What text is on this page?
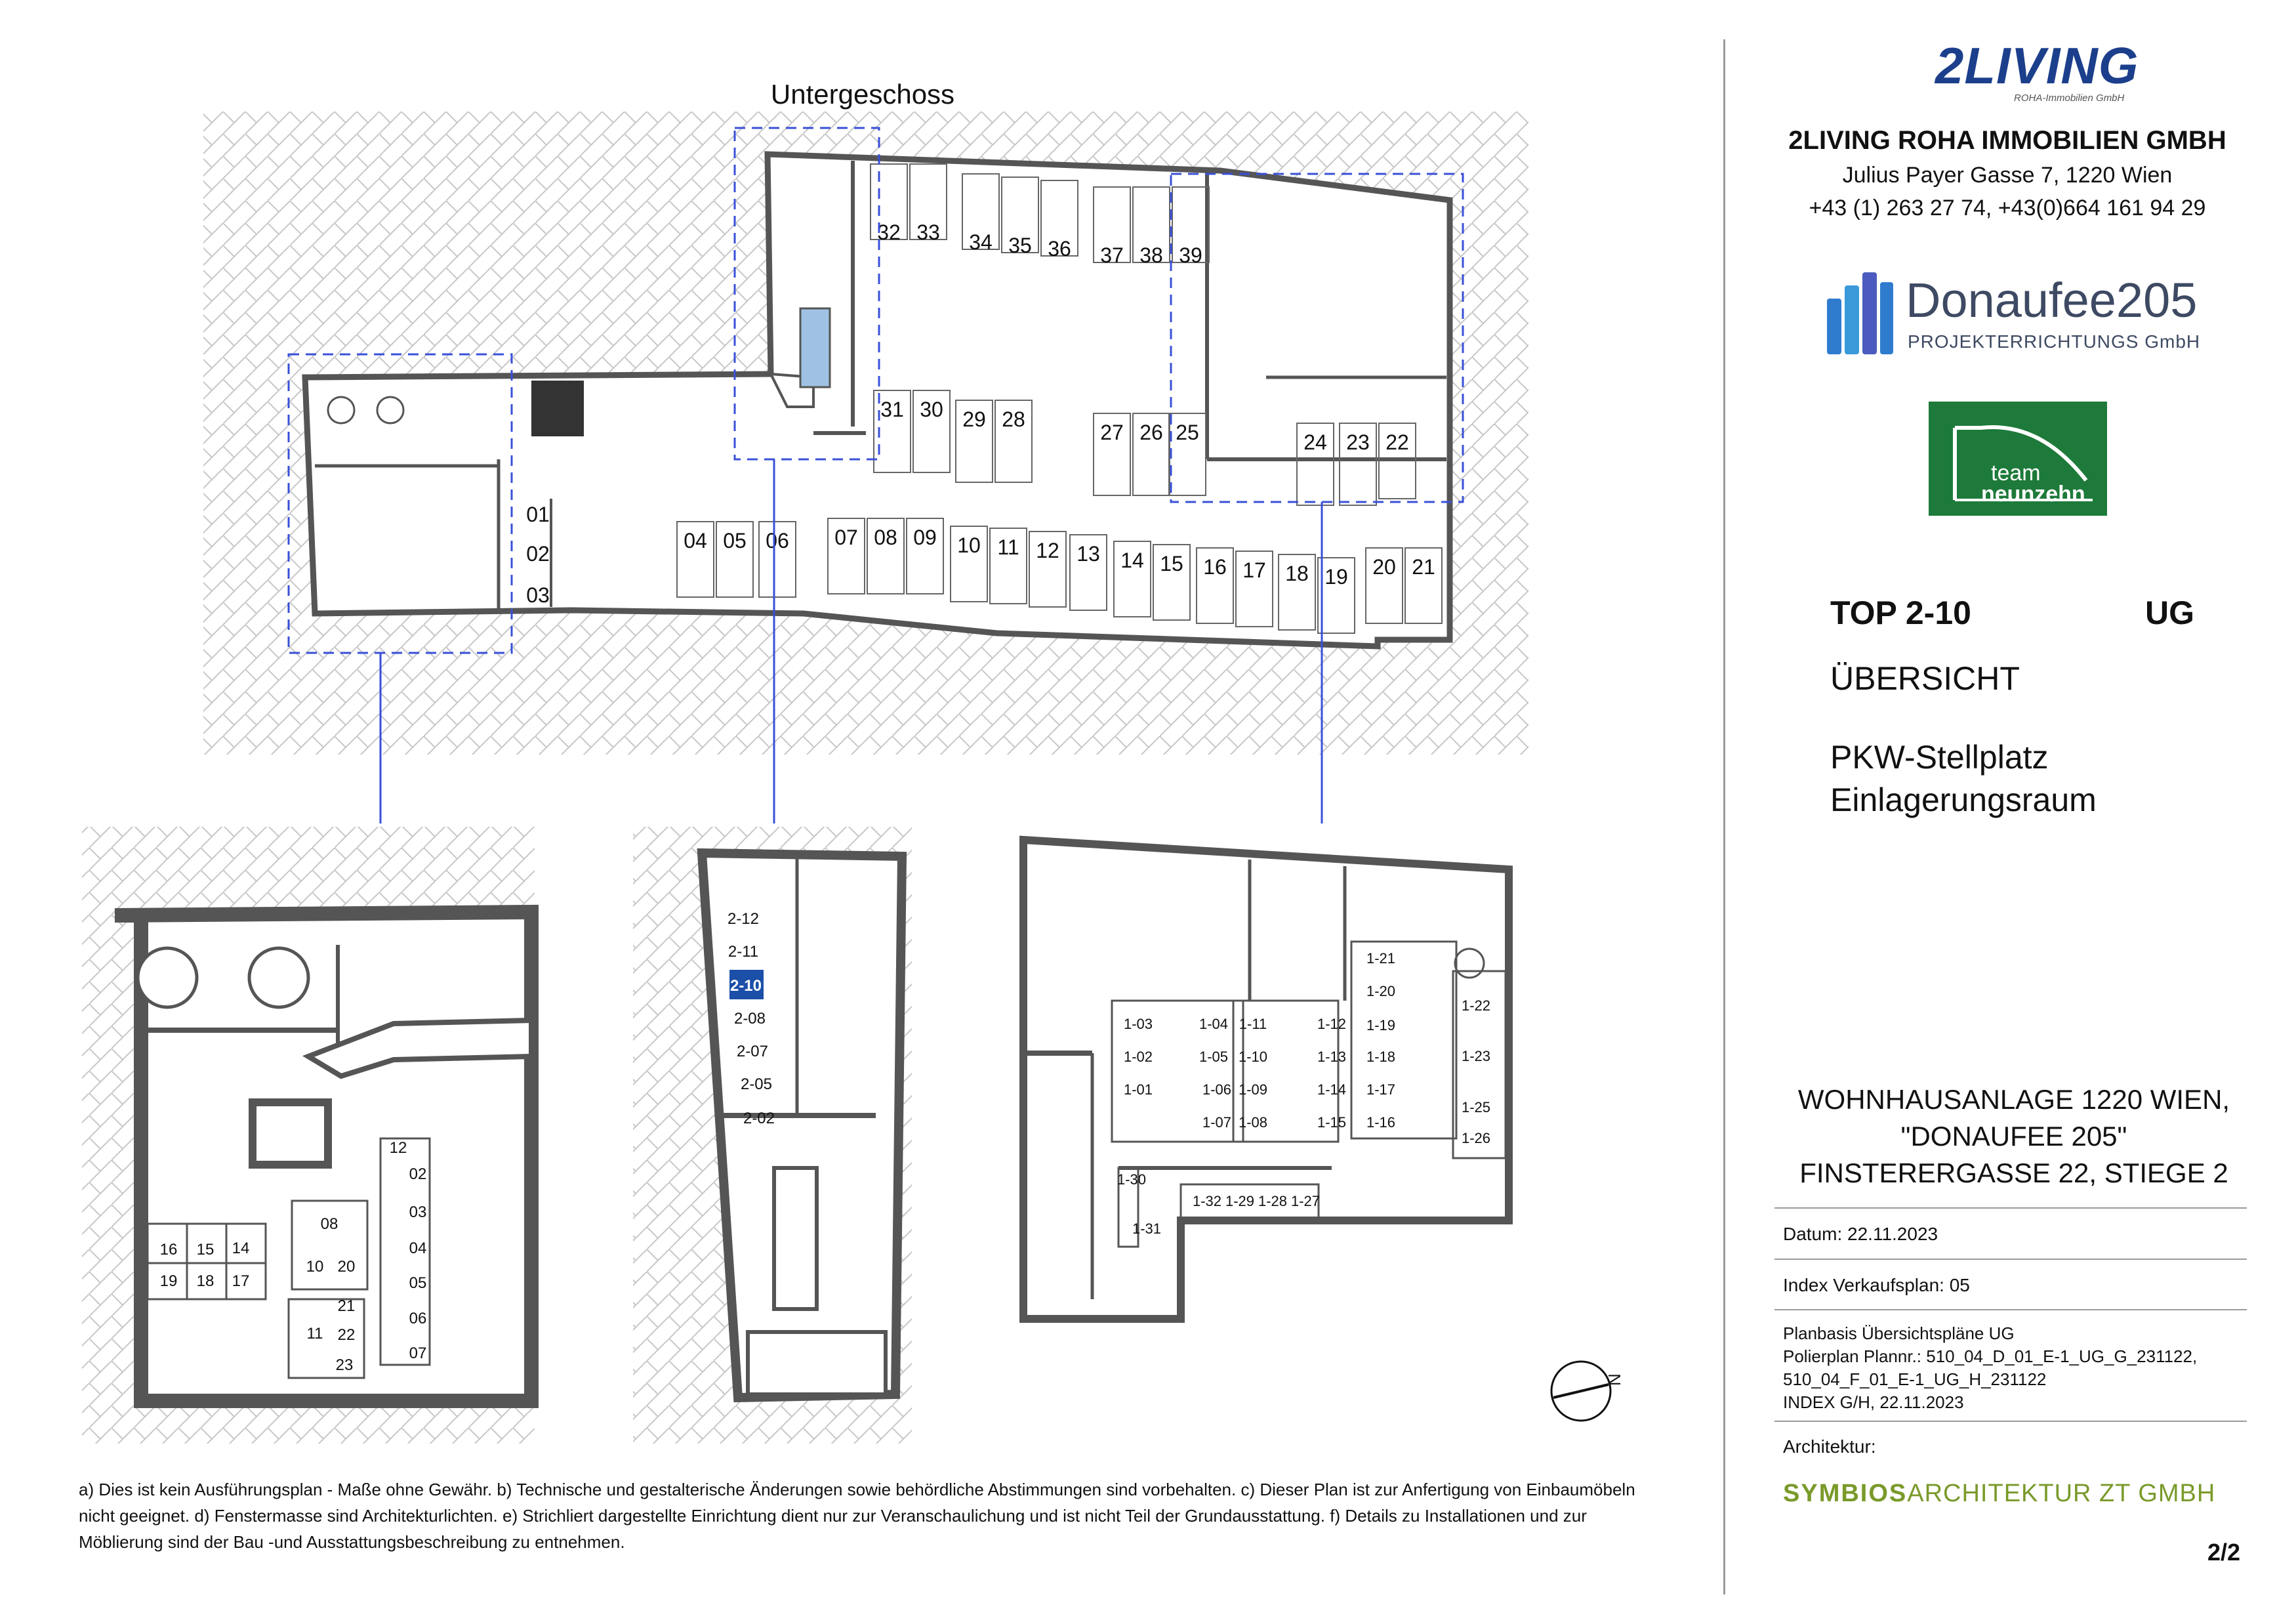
01
02
03
04 05 06 07 08 09 10 11 12 13 14 15 16 17 18 19 20 21
22
23
24
25
26
27
28
29
30
31
32 33 34 35 36 37 38 39
Untergeschoss
12
02
03
04
05
06
07
08
10 20
21
11 22
23
16 15 14
19 18 17
2-12
2-11
2-10
2-08
2-07
2-05
2-02
1-21
1-20
1-22
1-19
1-23
1-18
1-17
1-25
1-26
1-16
1-15
1-14
1-13
1-12
1-11
1-10
1-09
1-08
1-07
1-06
1-05
1-04
1-03
1-02
1-01
1-30
1-31
1-32 1-29 1-28 1-27
N
a) Dies ist kein Ausführungsplan - Maße ohne Gewähr. b) Technische und gestalterische Änderungen sowie behördliche Abstimmungen sind vorbehalten. c) Dieser Plan ist zur Anfertigung von Einbaumöbeln nicht geeignet. d) Fenstermasse sind Architekturlichten. e) Strichliert dargestellte Einrichtung dient nur zur Veranschaulichung und ist nicht Teil der Grundausstattung. f) Details zu Installationen und zur Möblierung sind der Bau -und Ausstattungsbeschreibung zu entnehmen.
2LIVING
ROHA-Immobilien GmbH
2LIVING ROHA IMMOBILIEN GMBH
Julius Payer Gasse 7, 1220 Wien
+43 (1) 263 27 74, +43(0)664 161 94 29
Donaufee205
PROJEKTERRICHTUNGS GmbH
team
neunzehn
TOP 2-10	UG
ÜBERSICHT
PKW-Stellplatz
Einlagerungsraum
WOHNHAUSANLAGE 1220 WIEN,
"DONAUFEE 205"
FINSTERERGASSE 22, STIEGE 2
Datum: 22.11.2023
Index Verkaufsplan: 05
Planbasis Übersichtspläne UG
Polierplan Plannr.: 510_04_D_01_E-1_UG_G_231122,
510_04_F_01_E-1_UG_H_231122
INDEX G/H, 22.11.2023
Architektur:
SYMBIOSARCHITEKTUR ZT GMBH
2/2
